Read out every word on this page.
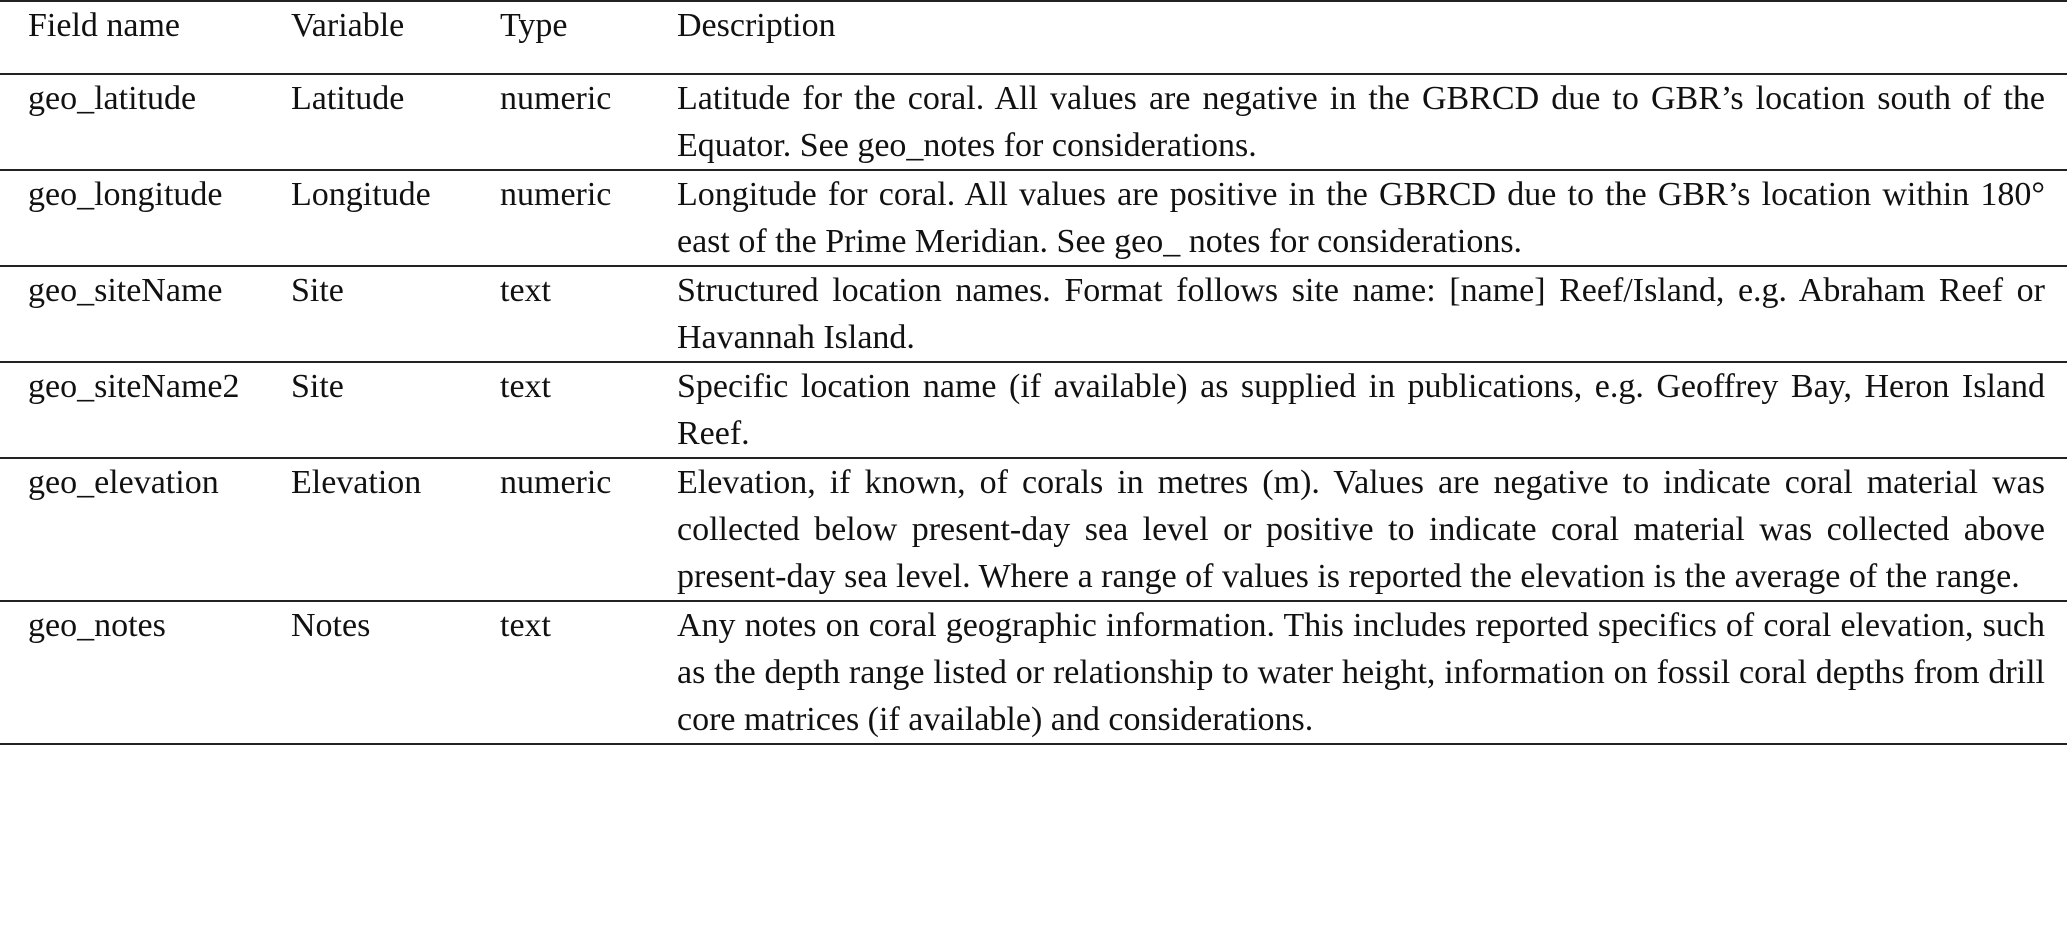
Field name	Variable	Type	Description
geo_latitude	Latitude	numeric	Latitude for the coral. All values are negative in the GBRCD due to GBR’s location south of the Equator. See geo_notes for considerations.
geo_longitude	Longitude	numeric	Longitude for coral. All values are positive in the GBRCD due to the GBR’s location within 180° east of the Prime Meridian. See geo_ notes for considerations.
geo_siteName	Site	text	Structured location names. Format follows site name: [name] Reef/Island, e.g. Abraham Reef or Havannah Island.
geo_siteName2	Site	text	Specific location name (if available) as supplied in publications, e.g. Geoffrey Bay, Heron Island Reef.
geo_elevation	Elevation	numeric	Elevation, if known, of corals in metres (m). Values are negative to indicate coral material was collected below present-day sea level or positive to indicate coral material was collected above present-day sea level. Where a range of values is reported the elevation is the average of the range.
geo_notes	Notes	text	Any notes on coral geographic information. This includes reported specifics of coral elevation, such as the depth range listed or relationship to water height, information on fossil coral depths from drill core matrices (if available) and considerations.
